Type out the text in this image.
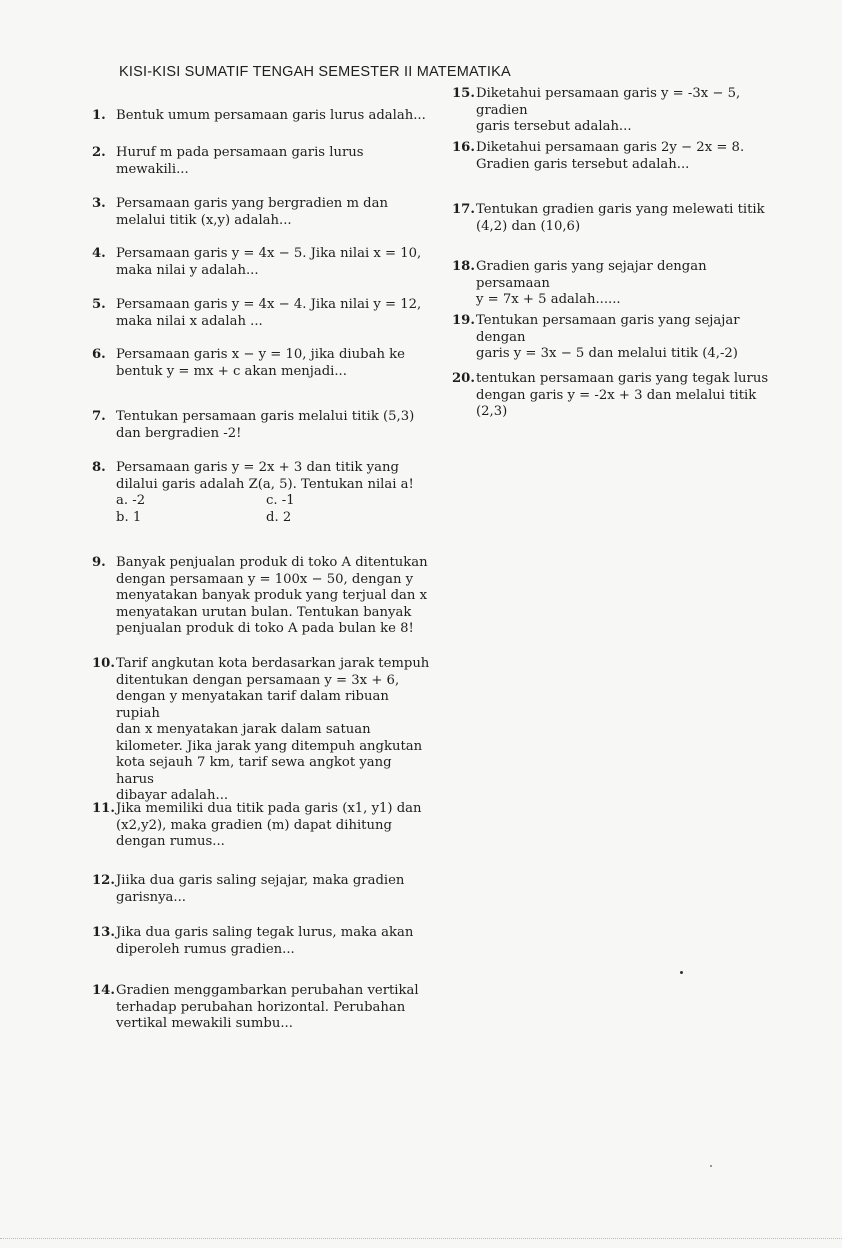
KISI-KISI SUMATIF TENGAH SEMESTER II MATEMATIKA
1. Bentuk umum persamaan garis lurus adalah...
2. Huruf m pada persamaan garis lurus
mewakili...
3. Persamaan garis yang bergradien m dan
melalui titik (x,y) adalah...
4. Persamaan garis y = 4x − 5. Jika nilai x = 10,
maka nilai y adalah...
5. Persamaan garis y = 4x − 4. Jika nilai y = 12,
maka nilai x adalah ...
6. Persamaan garis x − y = 10, jika diubah ke
bentuk y = mx + c akan menjadi...
7. Tentukan persamaan garis melalui titik (5,3)
dan bergradien -2!
8. Persamaan garis y = 2x + 3 dan titik yang
dilalui garis adalah Z(a, 5). Tentukan nilai a!
a. -2	c. -1
b. 1	d. 2
9. Banyak penjualan produk di toko A ditentukan
dengan persamaan y = 100x − 50, dengan y
menyatakan banyak produk yang terjual dan x
menyatakan urutan bulan. Tentukan banyak
penjualan produk di toko A pada bulan ke 8!
10. Tarif angkutan kota berdasarkan jarak tempuh
ditentukan dengan persamaan y = 3x + 6,
dengan y menyatakan tarif dalam ribuan rupiah
dan x menyatakan jarak dalam satuan
kilometer. Jika jarak yang ditempuh angkutan
kota sejauh 7 km, tarif sewa angkot yang harus
dibayar adalah...
11. Jika memiliki dua titik pada garis (x1, y1) dan
(x2,y2), maka gradien (m) dapat dihitung
dengan rumus...
12. Jiika dua garis saling sejajar, maka gradien
garisnya...
13. Jika dua garis saling tegak lurus, maka akan
diperoleh rumus gradien...
14. Gradien menggambarkan perubahan vertikal
terhadap perubahan horizontal. Perubahan
vertikal mewakili sumbu...
15. Diketahui persamaan garis y = -3x − 5, gradien
garis tersebut adalah...
16. Diketahui persamaan garis 2y − 2x = 8.
Gradien garis tersebut adalah...
17. Tentukan gradien garis yang melewati titik
(4,2) dan (10,6)
18. Gradien garis yang sejajar dengan persamaan
y = 7x + 5 adalah......
19. Tentukan persamaan garis yang sejajar dengan
garis y = 3x − 5 dan melalui titik (4,-2)
20. tentukan persamaan garis yang tegak lurus
dengan garis y = -2x + 3 dan melalui titik (2,3)
